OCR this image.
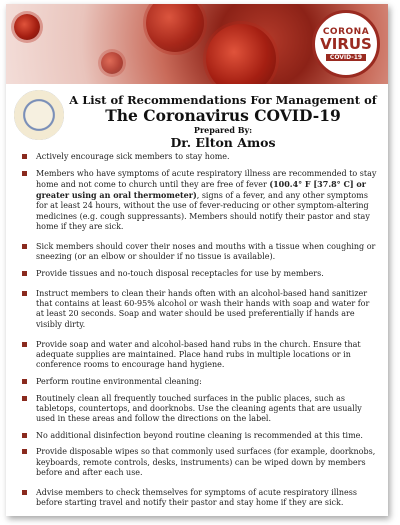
CORONA
VIRUS
COVID-19
A List of Recommendations For Management of
The Coronavirus COVID-19
Prepared By:
Dr. Elton Amos
Actively encourage sick members to stay home.
Members who have symptoms of acute respiratory illness are recommended to stay home and not come to church until they are free of fever (100.4° F [37.8° C] or greater using an oral thermometer), signs of a fever, and any other symptoms for at least 24 hours, without the use of fever-reducing or other symptom-altering medicines (e.g. cough suppressants). Members should notify their pastor and stay home if they are sick.
Sick members should cover their noses and mouths with a tissue when coughing or sneezing (or an elbow or shoulder if no tissue is available).
Provide tissues and no-touch disposal receptacles for use by members.
Instruct members to clean their hands often with an alcohol-based hand sanitizer that contains at least 60-95% alcohol or wash their hands with soap and water for at least 20 seconds. Soap and water should be used preferentially if hands are visibly dirty.
Provide soap and water and alcohol-based hand rubs in the church. Ensure that adequate supplies are maintained. Place hand rubs in multiple locations or in conference rooms to encourage hand hygiene.
Perform routine environmental cleaning:
Routinely clean all frequently touched surfaces in the public places, such as tabletops, countertops, and doorknobs. Use the cleaning agents that are usually used in these areas and follow the directions on the label.
No additional disinfection beyond routine cleaning is recommended at this time.
Provide disposable wipes so that commonly used surfaces (for example, doorknobs, keyboards, remote controls, desks, instruments) can be wiped down by members before and after each use.
Advise members to check themselves for symptoms of acute respiratory illness before starting travel and notify their pastor and stay home if they are sick.
